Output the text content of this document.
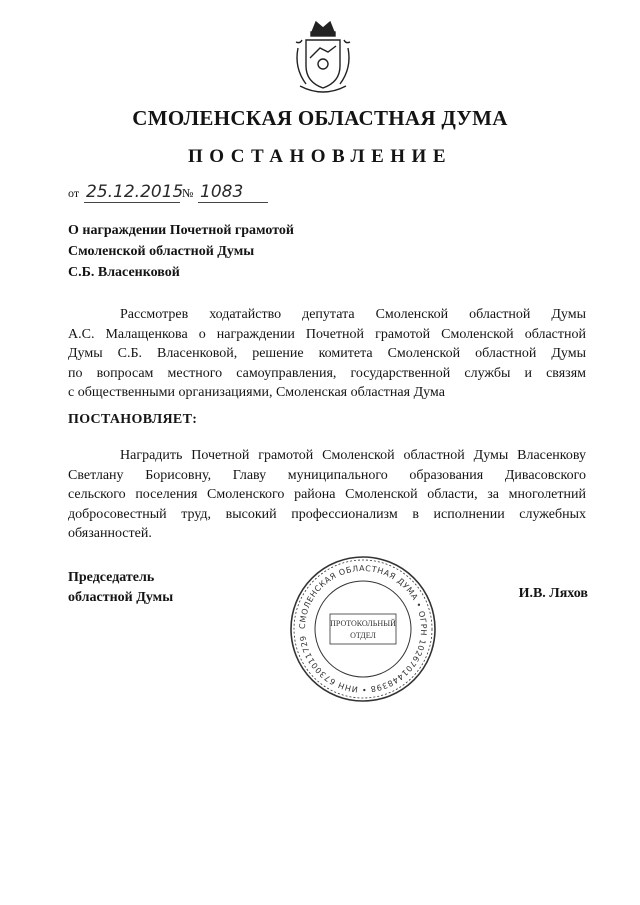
СМОЛЕНСКАЯ ОБЛАСТНАЯ ДУМА
ПОСТАНОВЛЕНИЕ
от 25.12.2015
№ 1083
О награждении Почетной грамотой
Смоленской областной Думы
С.Б. Власенковой
Рассмотрев ходатайство депутата Смоленской областной Думы
А.С. Малащенкова о награждении Почетной грамотой Смоленской областной
Думы С.Б. Власенковой, решение комитета Смоленской областной Думы
по вопросам местного самоуправления, государственной службы и связям
с общественными организациями, Смоленская областная Дума
ПОСТАНОВЛЯЕТ:
Наградить Почетной грамотой Смоленской областной Думы Власенкову
Светлану Борисовну, Главу муниципального образования Дивасовского
сельского поселения Смоленского района Смоленской области, за многолетний
добросовестный труд, высокий профессионализм в исполнении служебных
обязанностей.
Председатель
областной Думы	И.В. Ляхов
СМОЛЕНСКАЯ ОБЛАСТНАЯ ДУМА • ОГРН 1026701448398 • ИНН 6730011729
ПРОТОКОЛЬНЫЙ
ОТДЕЛ
